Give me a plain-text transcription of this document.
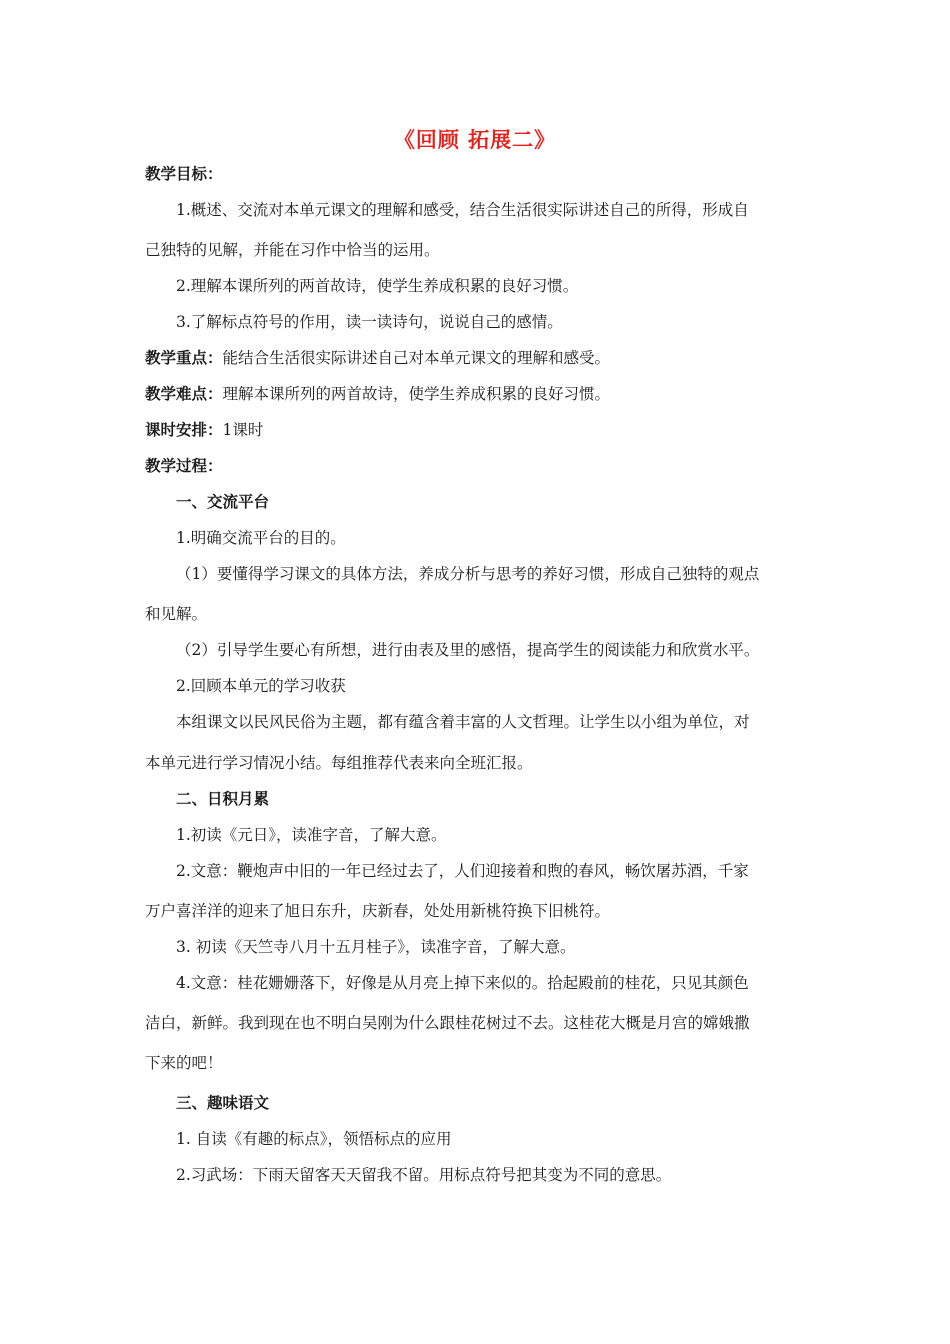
《回顾 拓展二》
教学目标：
1.概述、交流对本单元课文的理解和感受，结合生活很实际讲述自己的所得，形成自
己独特的见解，并能在习作中恰当的运用。
2.理解本课所列的两首故诗，使学生养成积累的良好习惯。
3.了解标点符号的作用，读一读诗句，说说自己的感情。
教学重点：能结合生活很实际讲述自己对本单元课文的理解和感受。
教学难点：理解本课所列的两首故诗，使学生养成积累的良好习惯。
课时安排：1课时
教学过程：
一、交流平台
1.明确交流平台的目的。
（1）要懂得学习课文的具体方法，养成分析与思考的养好习惯，形成自己独特的观点
和见解。
（2）引导学生要心有所想，进行由表及里的感悟，提高学生的阅读能力和欣赏水平。
2.回顾本单元的学习收获
本组课文以民风民俗为主题，都有蕴含着丰富的人文哲理。让学生以小组为单位，对
本单元进行学习情况小结。每组推荐代表来向全班汇报。
二、日积月累
1.初读《元日》，读准字音，了解大意。
2.文意：鞭炮声中旧的一年已经过去了，人们迎接着和煦的春风，畅饮屠苏酒，千家
万户喜洋洋的迎来了旭日东升，庆新春，处处用新桃符换下旧桃符。
3. 初读《天竺寺八月十五月桂子》，读准字音，了解大意。
4.文意：桂花姗姗落下，好像是从月亮上掉下来似的。拾起殿前的桂花，只见其颜色
洁白，新鲜。我到现在也不明白吴刚为什么跟桂花树过不去。这桂花大概是月宫的嫦娥撒
下来的吧！
三、趣味语文
1. 自读《有趣的标点》，领悟标点的应用
2.习武场：下雨天留客天天留我不留。用标点符号把其变为不同的意思。
